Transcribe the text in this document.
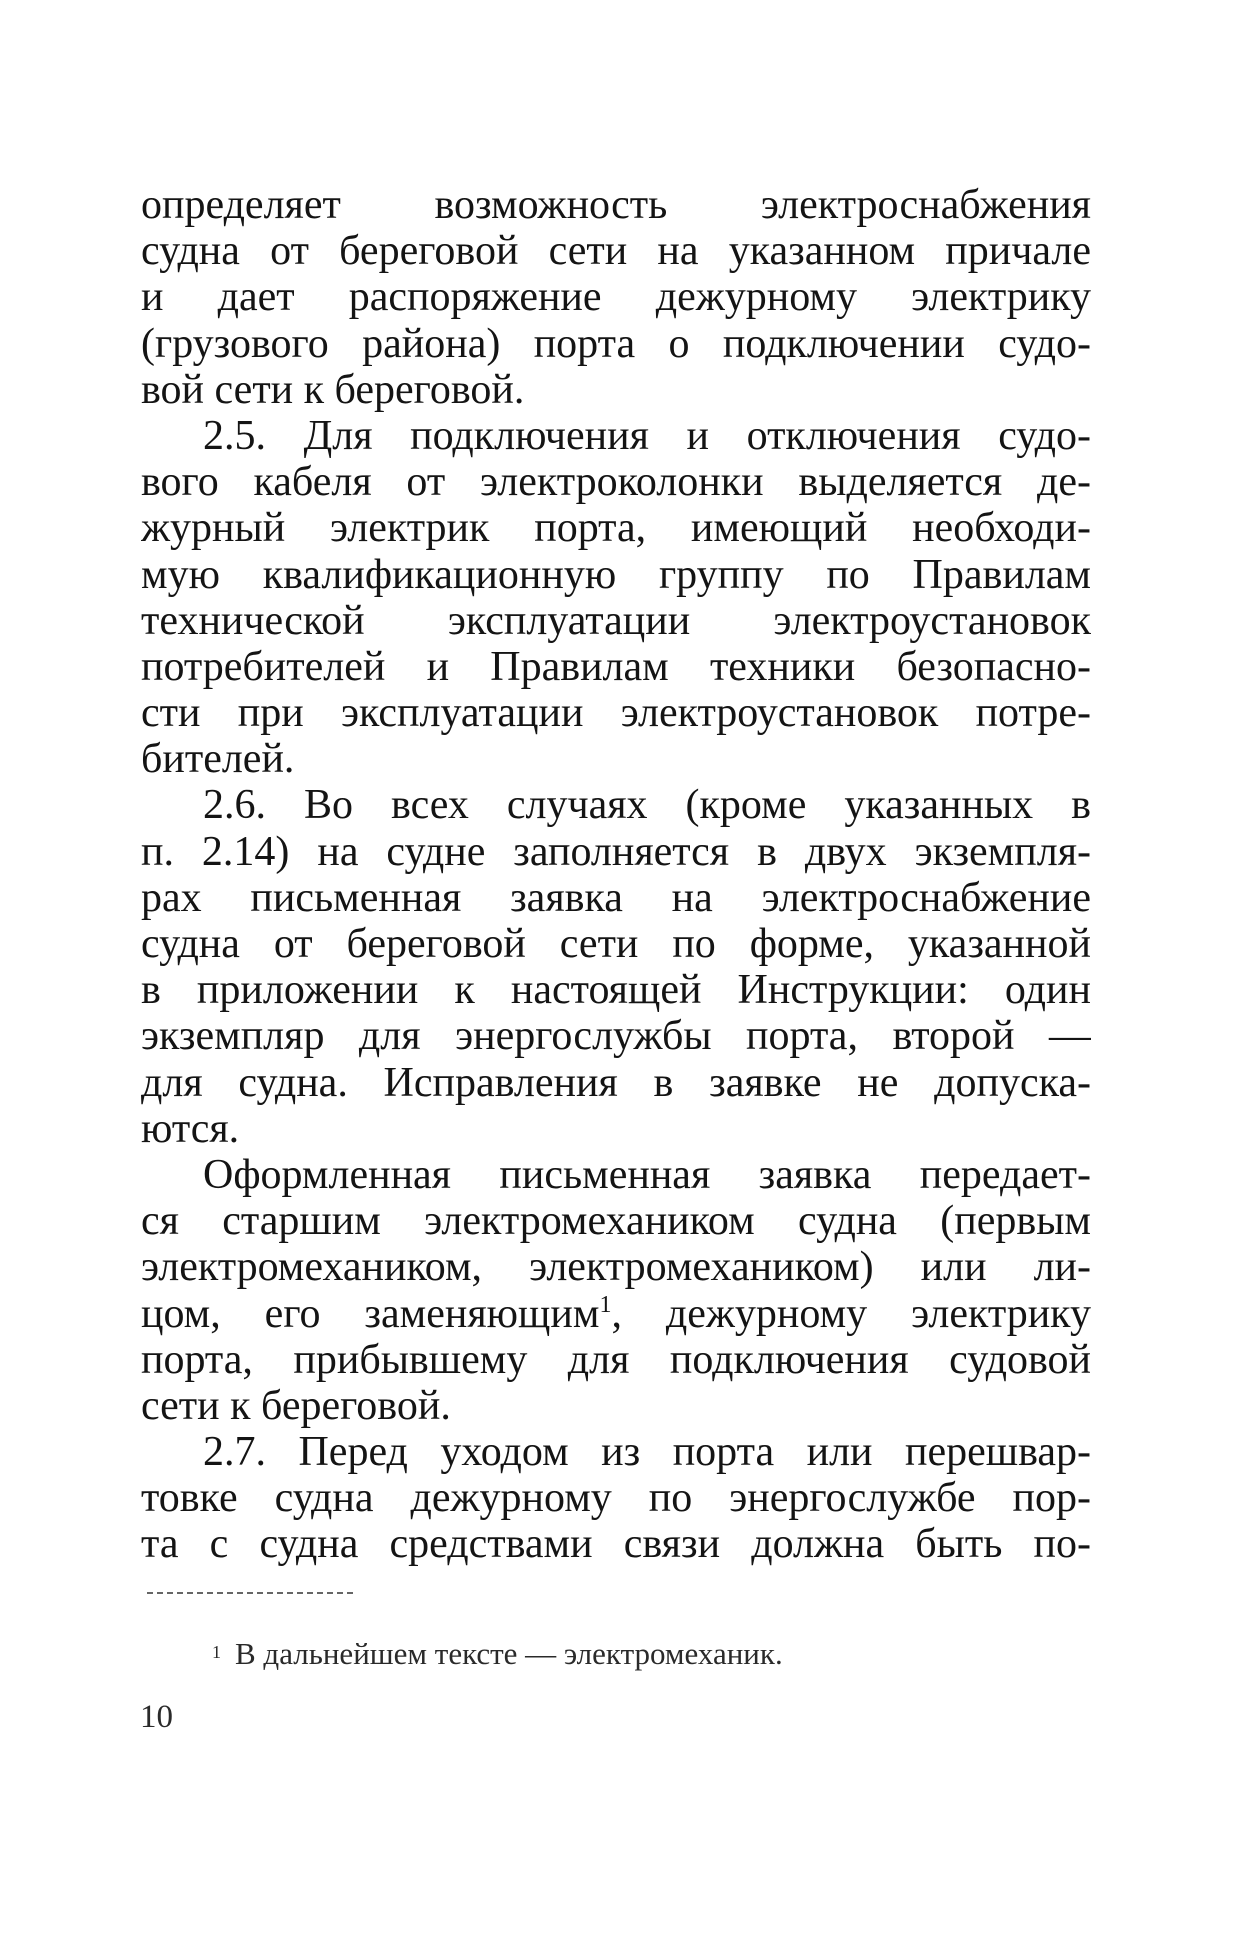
определяет возможность электроснабжения
судна от береговой сети на указанном причале
и дает распоряжение дежурному электрику
(грузового района) порта о подключении судо-
вой сети к береговой.
2.5. Для подключения и отключения судо-
вого кабеля от электроколонки выделяется де-
журный электрик порта, имеющий необходи-
мую квалификационную группу по Правилам
технической эксплуатации электроустановок
потребителей и Правилам техники безопасно-
сти при эксплуатации электроустановок потре-
бителей.
2.6. Во всех случаях (кроме указанных в
п. 2.14) на судне заполняется в двух экземпля-
рах письменная заявка на электроснабжение
судна от береговой сети по форме, указанной
в приложении к настоящей Инструкции: один
экземпляр для энергослужбы порта, второй —
для судна. Исправления в заявке не допуска-
ются.
Оформленная письменная заявка передает-
ся старшим электромехаником судна (первым
электромехаником, электромехаником) или ли-
цом, его заменяющим$^1$, дежурному электрику
порта, прибывшему для подключения судовой
сети к береговой.
2.7. Перед уходом из порта или перешвар-
товке судна дежурному по энергослужбе пор-
та с судна средствами связи должна быть по-
$^1$ В дальнейшем тексте — электромеханик.
10
